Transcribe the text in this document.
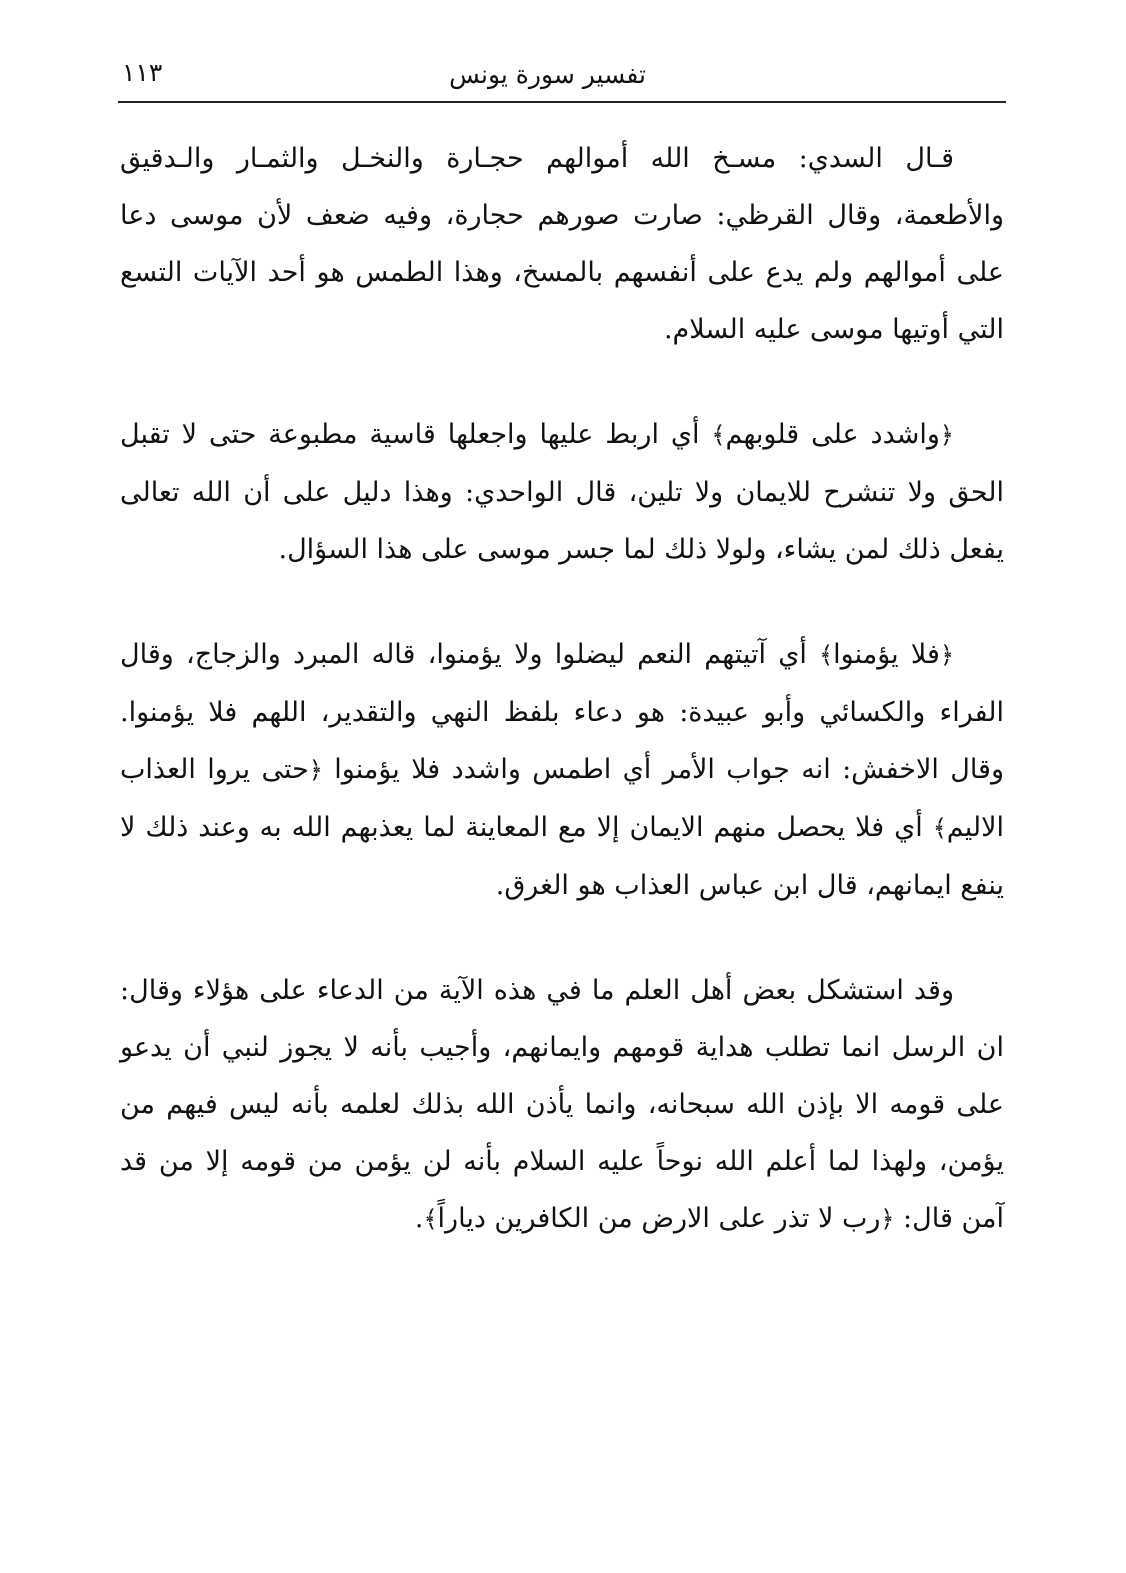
تفسير سورة يونس
١١٣

قـال السدي: مسـخ الله أموالهم حجـارة والنخـل والثمـار والـدقيق والأطعمة، وقال القرظي: صارت صورهم حجارة، وفيه ضعف لأن موسى دعا على أموالهم ولم يدع على أنفسهم بالمسخ، وهذا الطمس هو أحد الآيات التسع التي أوتيها موسى عليه السلام.

﴿واشدد على قلوبهم﴾ أي اربط عليها واجعلها قاسية مطبوعة حتى لا تقبل الحق ولا تنشرح للايمان ولا تلين، قال الواحدي: وهذا دليل على أن الله تعالى يفعل ذلك لمن يشاء، ولولا ذلك لما جسر موسى على هذا السؤال.

﴿فلا يؤمنوا﴾ أي آتيتهم النعم ليضلوا ولا يؤمنوا، قاله المبرد والزجاج، وقال الفراء والكسائي وأبو عبيدة: هو دعاء بلفظ النهي والتقدير، اللهم فلا يؤمنوا. وقال الاخفش: انه جواب الأمر أي اطمس واشدد فلا يؤمنوا ﴿حتى يروا العذاب الاليم﴾ أي فلا يحصل منهم الايمان إلا مع المعاينة لما يعذبهم الله به وعند ذلك لا ينفع ايمانهم، قال ابن عباس العذاب هو الغرق.

وقد استشكل بعض أهل العلم ما في هذه الآية من الدعاء على هؤلاء وقال: ان الرسل انما تطلب هداية قومهم وايمانهم، وأجيب بأنه لا يجوز لنبي أن يدعو على قومه الا بإذن الله سبحانه، وانما يأذن الله بذلك لعلمه بأنه ليس فيهم من يؤمن، ولهذا لما أعلم الله نوحاً عليه السلام بأنه لن يؤمن من قومه إلا من قد آمن قال: ﴿رب لا تذر على الارض من الكافرين دياراً﴾.
